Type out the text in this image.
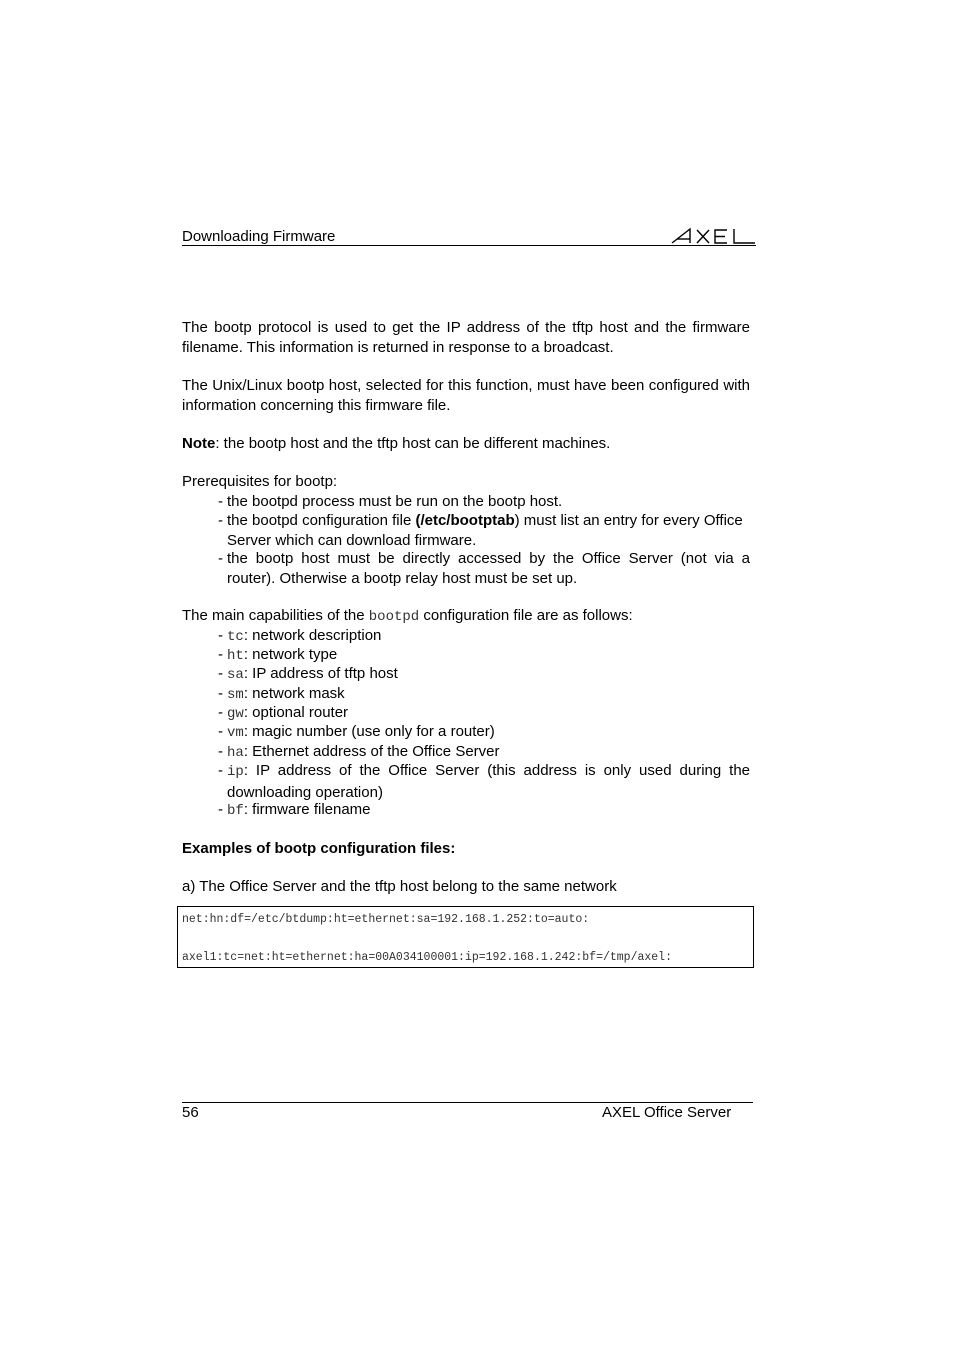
Downloading Firmware

The bootp protocol is used to get the IP address of the tftp host and the firmware filename. This information is returned in response to a broadcast.

The Unix/Linux bootp host, selected for this function, must have been configured with information concerning this firmware file.

Note: the bootp host and the tftp host can be different machines.

Prerequisites for bootp:

- the bootpd process must be run on the bootp host.
- the bootpd configuration file (/etc/bootptab) must list an entry for every Office Server which can download firmware.
- the bootp host must be directly accessed by the Office Server (not via a router). Otherwise a bootp relay host must be set up.

The main capabilities of the bootpd configuration file are as follows:

- tc: network description
- ht: network type
- sa: IP address of tftp host
- sm: network mask
- gw: optional router
- vm: magic number (use only for a router)
- ha: Ethernet address of the Office Server
- ip: IP address of the Office Server (this address is only used during the downloading operation)
- bf: firmware filename

Examples of bootp configuration files:

a) The Office Server and the tftp host belong to the same network

net:hn:df=/etc/btdump:ht=ethernet:sa=192.168.1.252:to=auto:
axel1:tc=net:ht=ethernet:ha=00A034100001:ip=192.168.1.242:bf=/tmp/axel:
56	AXEL Office Server
